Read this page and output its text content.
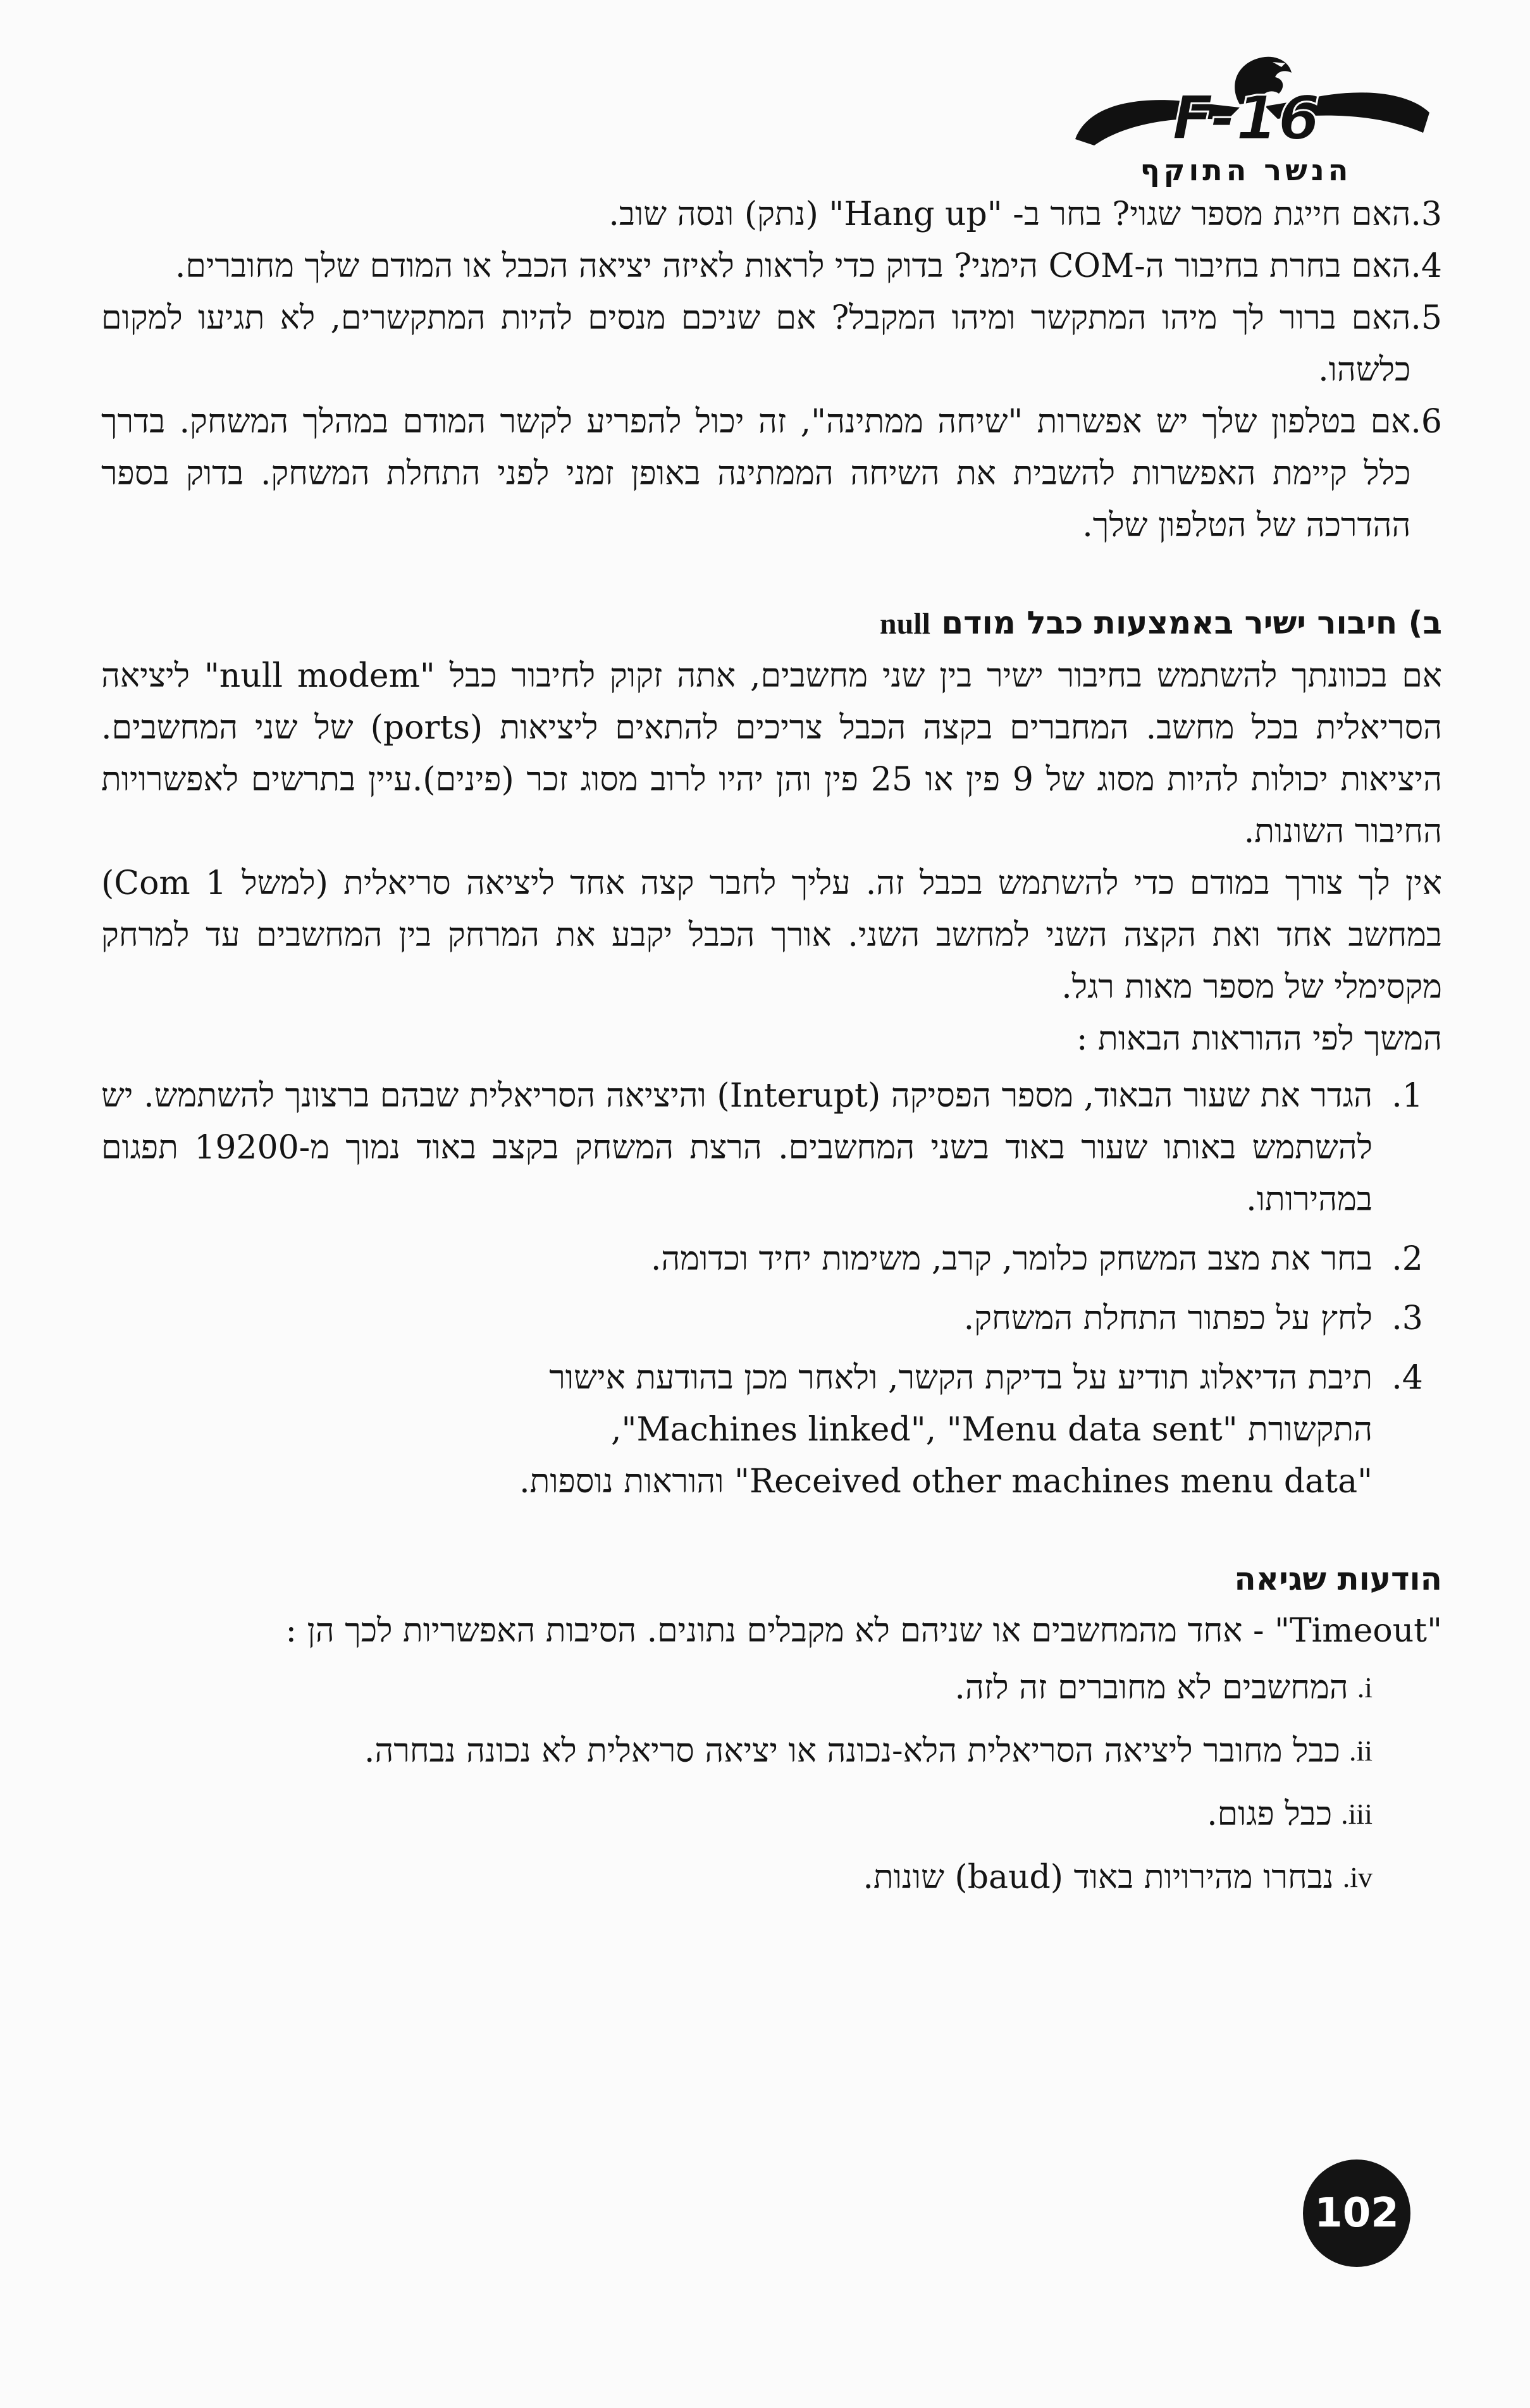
F-16
הנשר התוקף
3.
האם חייגת מספר שגוי? בחר ב- "Hang up" (נתק) ונסה שוב.
4.
האם בחרת בחיבור ה-COM הימני? בדוק כדי לראות לאיזה יציאה הכבל או המודם שלך מחוברים.
5.
האם ברור לך מיהו המתקשר ומיהו המקבל? אם שניכם מנסים להיות המתקשרים, לא תגיעו למקום כלשהו.
6.
אם בטלפון שלך יש אפשרות "שיחה ממתינה", זה יכול להפריע לקשר המודם במהלך המשחק. בדרך כלל קיימת האפשרות להשבית את השיחה הממתינה באופן זמני לפני התחלת המשחק. בדוק בספר ההדרכה של הטלפון שלך.
ב) חיבור ישיר באמצעות כבל מודם null

אם בכוונתך להשתמש בחיבור ישיר בין שני מחשבים, אתה זקוק לחיבור כבל "null modem" ליציאה הסריאלית בכל מחשב. המחברים בקצה הכבל צריכים להתאים ליציאות (ports) של שני המחשבים. היציאות יכולות להיות מסוג של 9 פין או 25 פין והן יהיו לרוב מסוג זכר (פינים).עיין בתרשים לאפשרויות החיבור השונות.

אין לך צורך במודם כדי להשתמש בכבל זה. עליך לחבר קצה אחד ליציאה סריאלית (למשל Com 1) במחשב אחד ואת הקצה השני למחשב השני. אורך הכבל יקבע את המרחק בין המחשבים עד למרחק מקסימלי של מספר מאות רגל.

המשך לפי ההוראות הבאות :

1.
הגדר את שעור הבאוד, מספר הפסיקה (Interupt) והיציאה הסריאלית שבהם ברצונך להשתמש. יש להשתמש באותו שעור באוד בשני המחשבים. הרצת המשחק בקצב באוד נמוך מ-19200 תפגום במהירותו.
2.
בחר את מצב המשחק כלומר, קרב, משימות יחיד וכדומה.
3.
לחץ על כפתור התחלת המשחק.
4.
תיבת הדיאלוג תודיע על בדיקת הקשר, ולאחר מכן בהודעת אישור
התקשורת "Machines linked", "Menu data sent",
"Received other machines menu data" והוראות נוספות.
הודעות שגיאה

"Timeout" - אחד מהמחשבים או שניהם לא מקבלים נתונים. הסיבות האפשריות לכך הן :

i.
המחשבים לא מחוברים זה לזה.
ii.
כבל מחובר ליציאה הסריאלית הלא-נכונה או יציאה סריאלית לא נכונה נבחרה.
iii.
כבל פגום.
iv.
נבחרו מהירויות באוד (baud) שונות.
102
